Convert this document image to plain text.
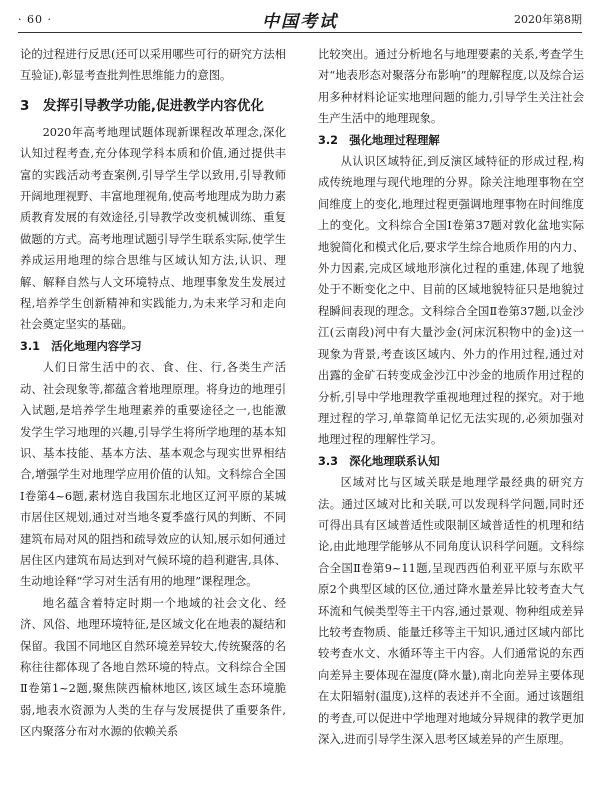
· 60 ·	中国考试	2020年第8期

论的过程进行反思(还可以采用哪些可行的研究方法相互验证),彰显考查批判性思维能力的意图。

3　发挥引导教学功能,促进教学内容优化

2020年高考地理试题体现新课程改革理念,深化认知过程考查,充分体现学科本质和价值,通过提供丰富的实践活动考查案例,引导学生学以致用,引导教师开阔地理视野、丰富地理视角,使高考地理成为助力素质教育发展的有效途径,引导教学改变机械训练、重复做题的方式。高考地理试题引导学生联系实际,使学生养成运用地理的综合思维与区域认知方法,认识、理解、解释自然与人文环境特点、地理事象发生发展过程,培养学生创新精神和实践能力,为未来学习和走向社会奠定坚实的基础。

3.1　活化地理内容学习

人们日常生活中的衣、食、住、行,各类生产活动、社会现象等,都蕴含着地理原理。将身边的地理引入试题,是培养学生地理素养的重要途径之一,也能激发学生学习地理的兴趣,引导学生将所学地理的基本知识、基本技能、基本方法、基本观念与现实世界相结合,增强学生对地理学应用价值的认知。文科综合全国Ⅰ卷第4~6题,素材选自我国东北地区辽河平原的某城市居住区规划,通过对当地冬夏季盛行风的判断、不同建筑布局对风的阻挡和疏导效应的认知,展示如何通过居住区内建筑布局达到对气候环境的趋利避害,具体、生动地诠释“学习对生活有用的地理”课程理念。

地名蕴含着特定时期一个地域的社会文化、经济、风俗、地理环境特征,是区域文化在地表的凝结和保留。我国不同地区自然环境差异较大,传统聚落的名称往往都体现了各地自然环境的特点。文科综合全国Ⅱ卷第1~2题,聚焦陕西榆林地区,该区域生态环境脆弱,地表水资源为人类的生存与发展提供了重要条件,区内聚落分布对水源的依赖关系

比较突出。通过分析地名与地理要素的关系,考查学生对“地表形态对聚落分布影响”的理解程度,以及综合运用多种材料论证实地理问题的能力,引导学生关注社会生产生活中的地理现象。

3.2　强化地理过程理解

从认识区域特征,到反演区域特征的形成过程,构成传统地理与现代地理的分界。除关注地理事物在空间维度上的变化,地理过程更强调地理事物在时间维度上的变化。文科综合全国Ⅰ卷第37题对敦化盆地实际地貌简化和模式化后,要求学生综合地质作用的内力、外力因素,完成区域地形演化过程的重建,体现了地貌处于不断变化之中、目前的区域地貌特征只是地貌过程瞬间表现的理念。文科综合全国Ⅱ卷第37题,以金沙江(云南段)河中有大量沙金(河床沉积物中的金)这一现象为背景,考查该区域内、外力的作用过程,通过对出露的金矿石转变成金沙江中沙金的地质作用过程的分析,引导中学地理教学重视地理过程的探究。对于地理过程的学习,单靠简单记忆无法实现的,必须加强对地理过程的理解性学习。

3.3　深化地理联系认知

区域对比与区域关联是地理学最经典的研究方法。通过区域对比和关联,可以发现科学问题,同时还可得出具有区域普适性或限制区域普适性的机理和结论,由此地理学能够从不同角度认识科学问题。文科综合全国Ⅱ卷第9~11题,呈现西西伯利亚平原与东欧平原2个典型区域的区位,通过降水量差异比较考查大气环流和气候类型等主干内容,通过景观、物种组成差异比较考查物质、能量迁移等主干知识,通过区域内部比较考查水文、水循环等主干内容。人们通常说的东西向差异主要体现在湿度(降水量),南北向差异主要体现在太阳辐射(温度),这样的表述并不全面。通过该题组的考查,可以促进中学地理对地域分异规律的教学更加深入,进而引导学生深入思考区域差异的产生原理。
